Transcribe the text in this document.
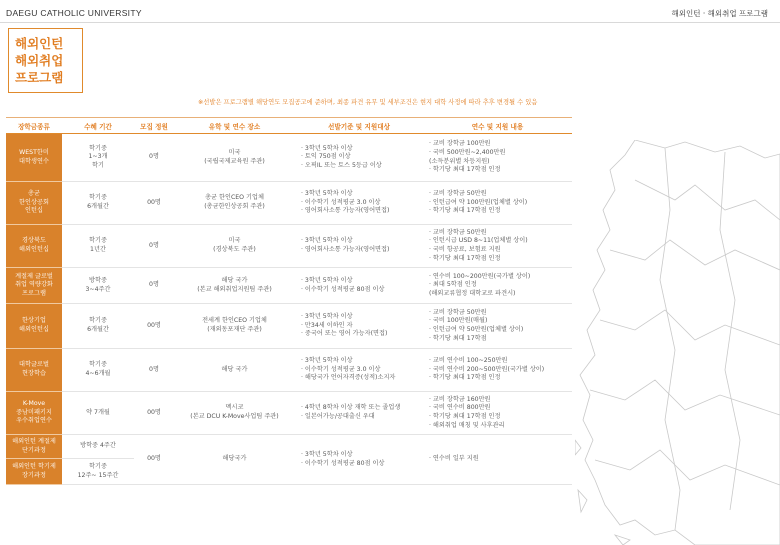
DAEGU CATHOLIC UNIVERSITY	해외인턴 · 해외취업 프로그램
해외인턴
해외취업
프로그램
※선발은 프로그램별 해당연도 모집공고에 준하며, 최종 파견 유무 및 세부조건은 현지 대학 사정에 따라 추후 변경될 수 있음
장학금종류	수혜 기간	모집 정원	유학 및 연수 장소	선발기준 및 지원대상	연수 및 지원 내용

WEST한미
대학생연수	학기중
1~3개
학기	0명	미국
(국립국제교육원 주관)	· 3학년 5학차 이상
· 토익 750점 이상
· 오픽IL 또는 토스 5등급 이상	· 교비 장학금 100만원
· 국비 500만원~2,400만원
(소득분위별 차등지원)
· 학기당 최대 17학점 인정

총균
한인상공회
인턴십	학기중
6개월간	00명	총균 한인CEO 기업체
(총균한인상공회 주관)	· 3학년 5학차 이상
· 이수학기 성적평균 3.0 이상
· 영어회사소통 가능자(영어면접)	· 교비 장학금 50만원
· 인턴급여 약 100만원(업체별 상이)
· 학기당 최대 17학점 인정

경상북도
해외인턴십	학기중
1년간	0명	미국
(경상북도 주관)	· 3학년 5학차 이상
· 영어회사소통 가능자(영어면접)	· 교비 장학금 50만원
· 인턴시급 USD 8~11(업체별 상이)
· 국비 항공료, 보험료 지원
· 학기당 최대 17학점 인정

계절제 글로벌
취업 역량강화
프로그램	방학중
3~4주간	0명	해당 국가
(본교 해외취업지원팀 주관)	· 3학년 5학차 이상
· 이수학기 성적평균 80점 이상	· 연수비 100~200만원(국가별 상이)
· 최대 5학점 인정
(해외교류협정 대학교로 파견시)

한상기업
해외인턴십	학기중
6개월간	00명	전세계 한인CEO 기업체
(재외동포재단 주관)	· 3학년 5학차 이상
· 만34세 이하인 자
· 중국어 또는 영어 가능자(면접)	· 교비 장학금 50만원
· 국비 100만원(매월)
· 인턴급여 약 50만원(업체별 상이)
· 학기당 최대 17학점

대학글로벌
현장학습	학기중
4~6개월	0명	해당 국가	· 3학년 5학차 이상
· 이수학기 성적평균 3.0 이상
· 해당국가 언어자격증(성적)소지자	· 교비 연수비 100~250만원
· 국비 연수비 200~500만원(국가별 상이)
· 학기당 최대 17학점 인정

K-Move
중남미패키지
우수취업연수	약 7개월	00명	멕시코
(본교 DCU K-Move사업팀 주관)	· 4학년 8학차 이상 재학 또는 졸업생
· 일본어가능/공대출신 우대	· 교비 장학금 160만원
· 국비 연수비 800만원
· 학기당 최대 17학점 인정
· 해외취업 매칭 및 사후관리

해외인턴 계절제
단기과정	방학중 4주간	00명	해당국가	· 3학년 5학차 이상
· 이수학기 성적평균 80점 이상	· 연수비 일부 지원

해외인턴 학기제
장기과정	학기중
12주~ 15주간				
